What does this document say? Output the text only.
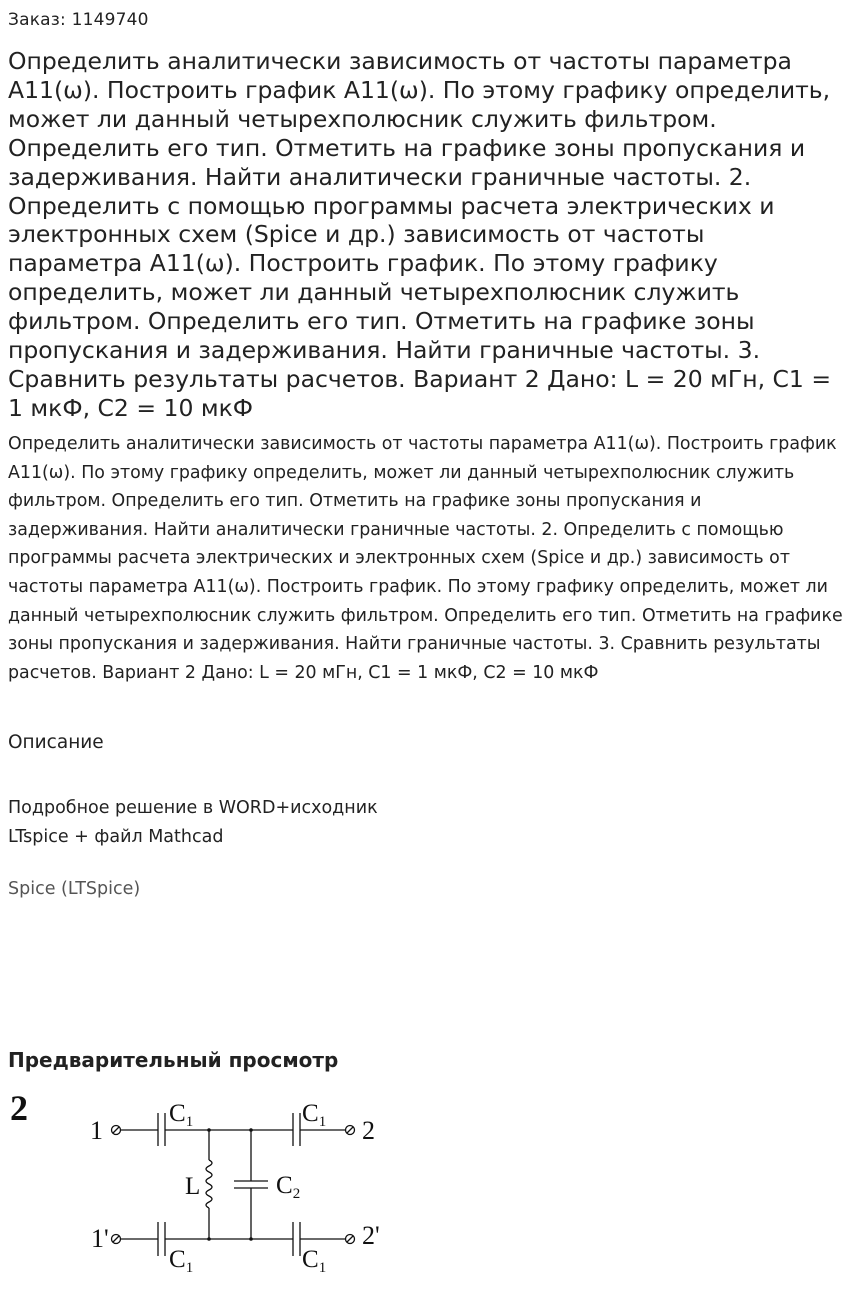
Заказ: 1149740
Определить аналитически зависимость от частоты параметра A11(ω). Построить график A11(ω). По этому графику определить, может ли данный четырехполюсник служить фильтром. Определить его тип. Отметить на графике зоны пропускания и задерживания. Найти аналитически граничные частоты. 2. Определить с помощью программы расчета электрических и электронных схем (Spice и др.) зависимость от частоты параметра A11(ω). Построить график. По этому графику определить, может ли данный четырехполюсник служить фильтром. Определить его тип. Отметить на графике зоны пропускания и задерживания. Найти граничные частоты. 3. Сравнить результаты расчетов. Вариант 2 Дано: L = 20 мГн, C1 = 1 мкФ, C2 = 10 мкФ

Определить аналитически зависимость от частоты параметра A11(ω). Построить график A11(ω). По этому графику определить, может ли данный четырехполюсник служить фильтром. Определить его тип. Отметить на графике зоны пропускания и задерживания. Найти аналитически граничные частоты. 2. Определить с помощью программы расчета электрических и электронных схем (Spice и др.) зависимость от частоты параметра A11(ω). Построить график. По этому графику определить, может ли данный четырехполюсник служить фильтром. Определить его тип. Отметить на графике зоны пропускания и задерживания. Найти граничные частоты. 3. Сравнить результаты расчетов. Вариант 2 Дано: L = 20 мГн, C1 = 1 мкФ, C2 = 10 мкФ

Описание
Подробное решение в WORD+исходник
LTspice + файл Mathcad
Spice (LTSpice)
Предварительный просмотр
2
1	2
1'	2'
$C_1$	$C_1$
$C_1$	$C_1$
L	$C_2$
